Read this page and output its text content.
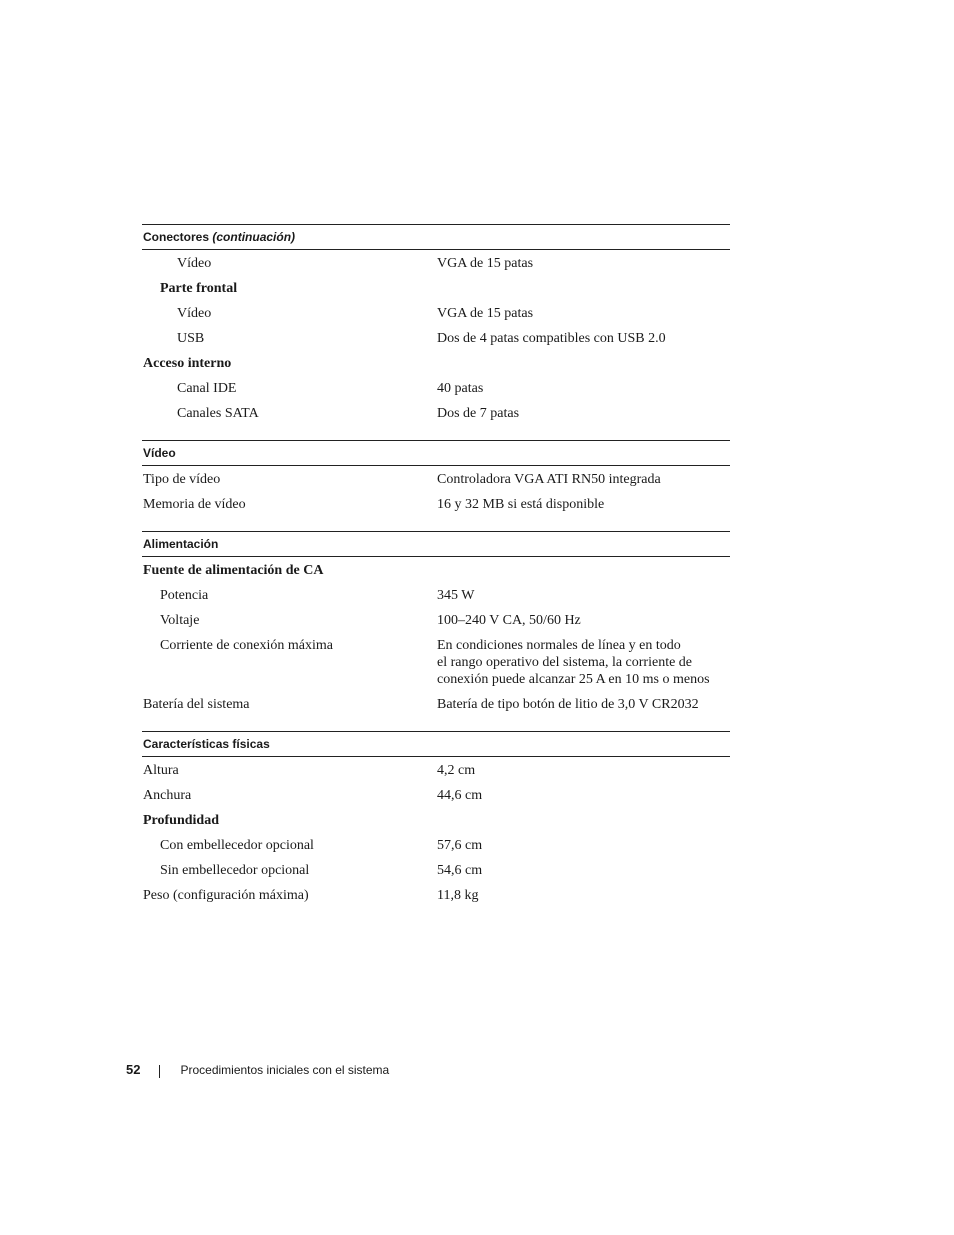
Conectores (continuación)
Vídeo	VGA de 15 patas
Parte frontal
Vídeo	VGA de 15 patas
USB	Dos de 4 patas compatibles con USB 2.0
Acceso interno
Canal IDE	40 patas
Canales SATA	Dos de 7 patas
Vídeo
Tipo de vídeo	Controladora VGA ATI RN50 integrada
Memoria de vídeo	16 y 32 MB si está disponible
Alimentación
Fuente de alimentación de CA
Potencia	345 W
Voltaje	100–240 V CA, 50/60 Hz
Corriente de conexión máxima	En condiciones normales de línea y en todo
el rango operativo del sistema, la corriente de
conexión puede alcanzar 25 A en 10 ms o menos
Batería del sistema	Batería de tipo botón de litio de 3,0 V CR2032
Características físicas
Altura	4,2 cm
Anchura	44,6 cm
Profundidad
Con embellecedor opcional	57,6 cm
Sin embellecedor opcional	54,6 cm
Peso (configuración máxima)	11,8 kg
52	Procedimientos iniciales con el sistema
